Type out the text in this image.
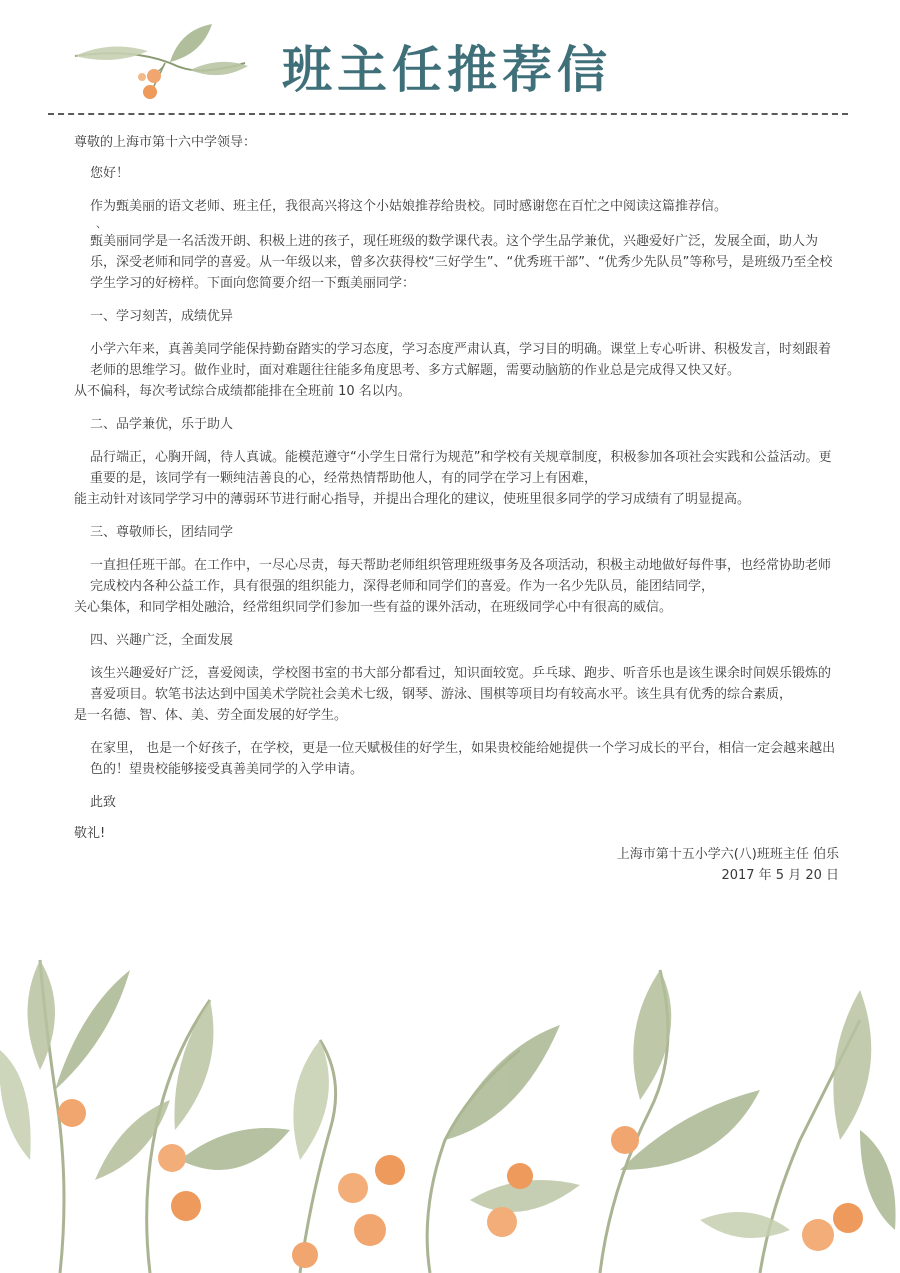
班主任推荐信

尊敬的上海市第十六中学领导：

您好！

作为甄美丽的语文老师、班主任，我很高兴将这个小姑娘推荐给贵校。同时感谢您在百忙之中阅读这篇推荐信。

、

甄美丽同学是一名活泼开朗、积极上进的孩子，现任班级的数学课代表。这个学生品学兼优，兴趣爱好广泛，发展全面，助人为乐，深受老师和同学的喜爱。从一年级以来，曾多次获得校“三好学生”、“优秀班干部”、“优秀少先队员”等称号，是班级乃至全校学生学习的好榜样。下面向您简要介绍一下甄美丽同学：

一、学习刻苦，成绩优异

小学六年来，真善美同学能保持勤奋踏实的学习态度，学习态度严肃认真，学习目的明确。课堂上专心听讲、积极发言，时刻跟着老师的思维学习。做作业时，面对难题往往能多角度思考、多方式解题，需要动脑筋的作业总是完成得又快又好。

从不偏科，每次考试综合成绩都能排在全班前 10 名以内。

二、品学兼优，乐于助人

品行端正，心胸开阔，待人真诚。能模范遵守“小学生日常行为规范”和学校有关规章制度，积极参加各项社会实践和公益活动。更重要的是，该同学有一颗纯洁善良的心，经常热情帮助他人，有的同学在学习上有困难，

能主动针对该同学学习中的薄弱环节进行耐心指导，并提出合理化的建议，使班里很多同学的学习成绩有了明显提高。

三、尊敬师长，团结同学

一直担任班干部。在工作中，一尽心尽责，每天帮助老师组织管理班级事务及各项活动，积极主动地做好每件事，也经常协助老师完成校内各种公益工作，具有很强的组织能力，深得老师和同学们的喜爱。作为一名少先队员，能团结同学，

关心集体，和同学相处融洽，经常组织同学们参加一些有益的课外活动，在班级同学心中有很高的威信。

四、兴趣广泛，全面发展

该生兴趣爱好广泛，喜爱阅读，学校图书室的书大部分都看过，知识面较宽。乒乓球、跑步、听音乐也是该生课余时间娱乐锻炼的喜爱项目。软笔书法达到中国美术学院社会美术七级，钢琴、游泳、围棋等项目均有较高水平。该生具有优秀的综合素质，

是一名德、智、体、美、劳全面发展的好学生。

在家里， 也是一个好孩子，在学校，更是一位天赋极佳的好学生，如果贵校能给她提供一个学习成长的平台，相信一定会越来越出色的！望贵校能够接受真善美同学的入学申请。

此致

敬礼!

上海市第十五小学六(八)班班主任 伯乐

2017 年 5 月 20 日
